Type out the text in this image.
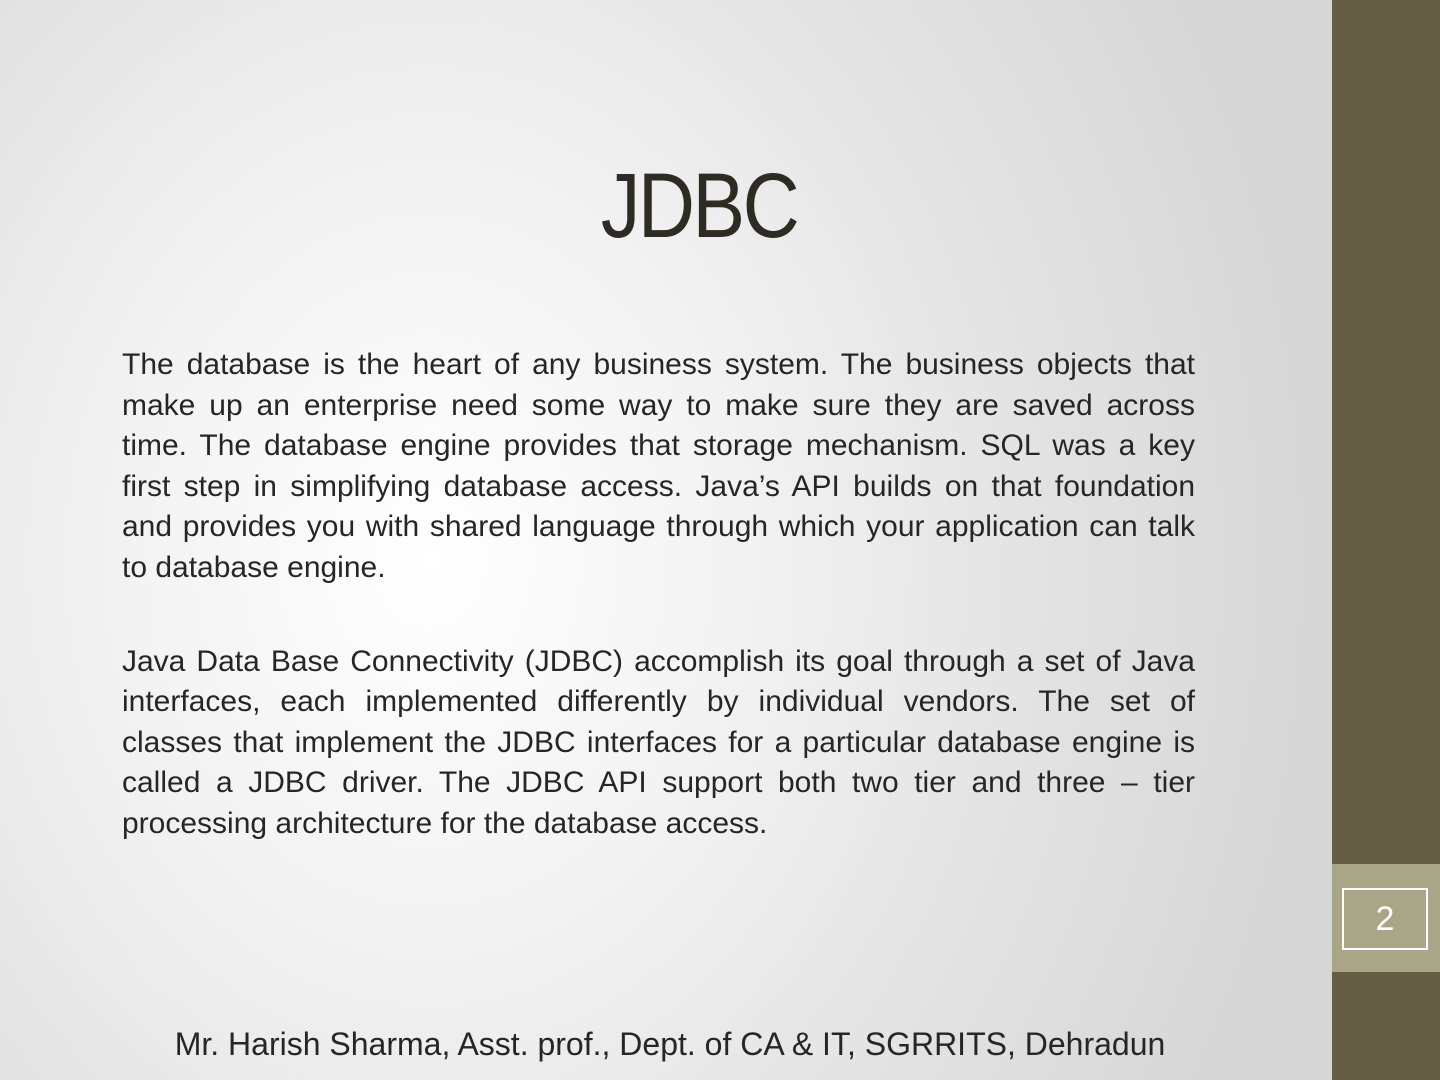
JDBC

The database is the heart of any business system. The business objects that make up an enterprise need some way to make sure they are saved across time. The database engine provides that storage mechanism. SQL was a key first step in simplifying database access. Java’s API builds on that foundation and provides you with shared language through which your application can talk to database engine.

Java Data Base Connectivity (JDBC) accomplish its goal through a set of Java interfaces, each implemented differently by individual vendors. The set of classes that implement the JDBC interfaces for a particular database engine is called a JDBC driver. The JDBC API support both two tier and three – tier processing architecture for the database access.

Mr. Harish Sharma, Asst. prof., Dept. of CA & IT, SGRRITS, Dehradun
2
